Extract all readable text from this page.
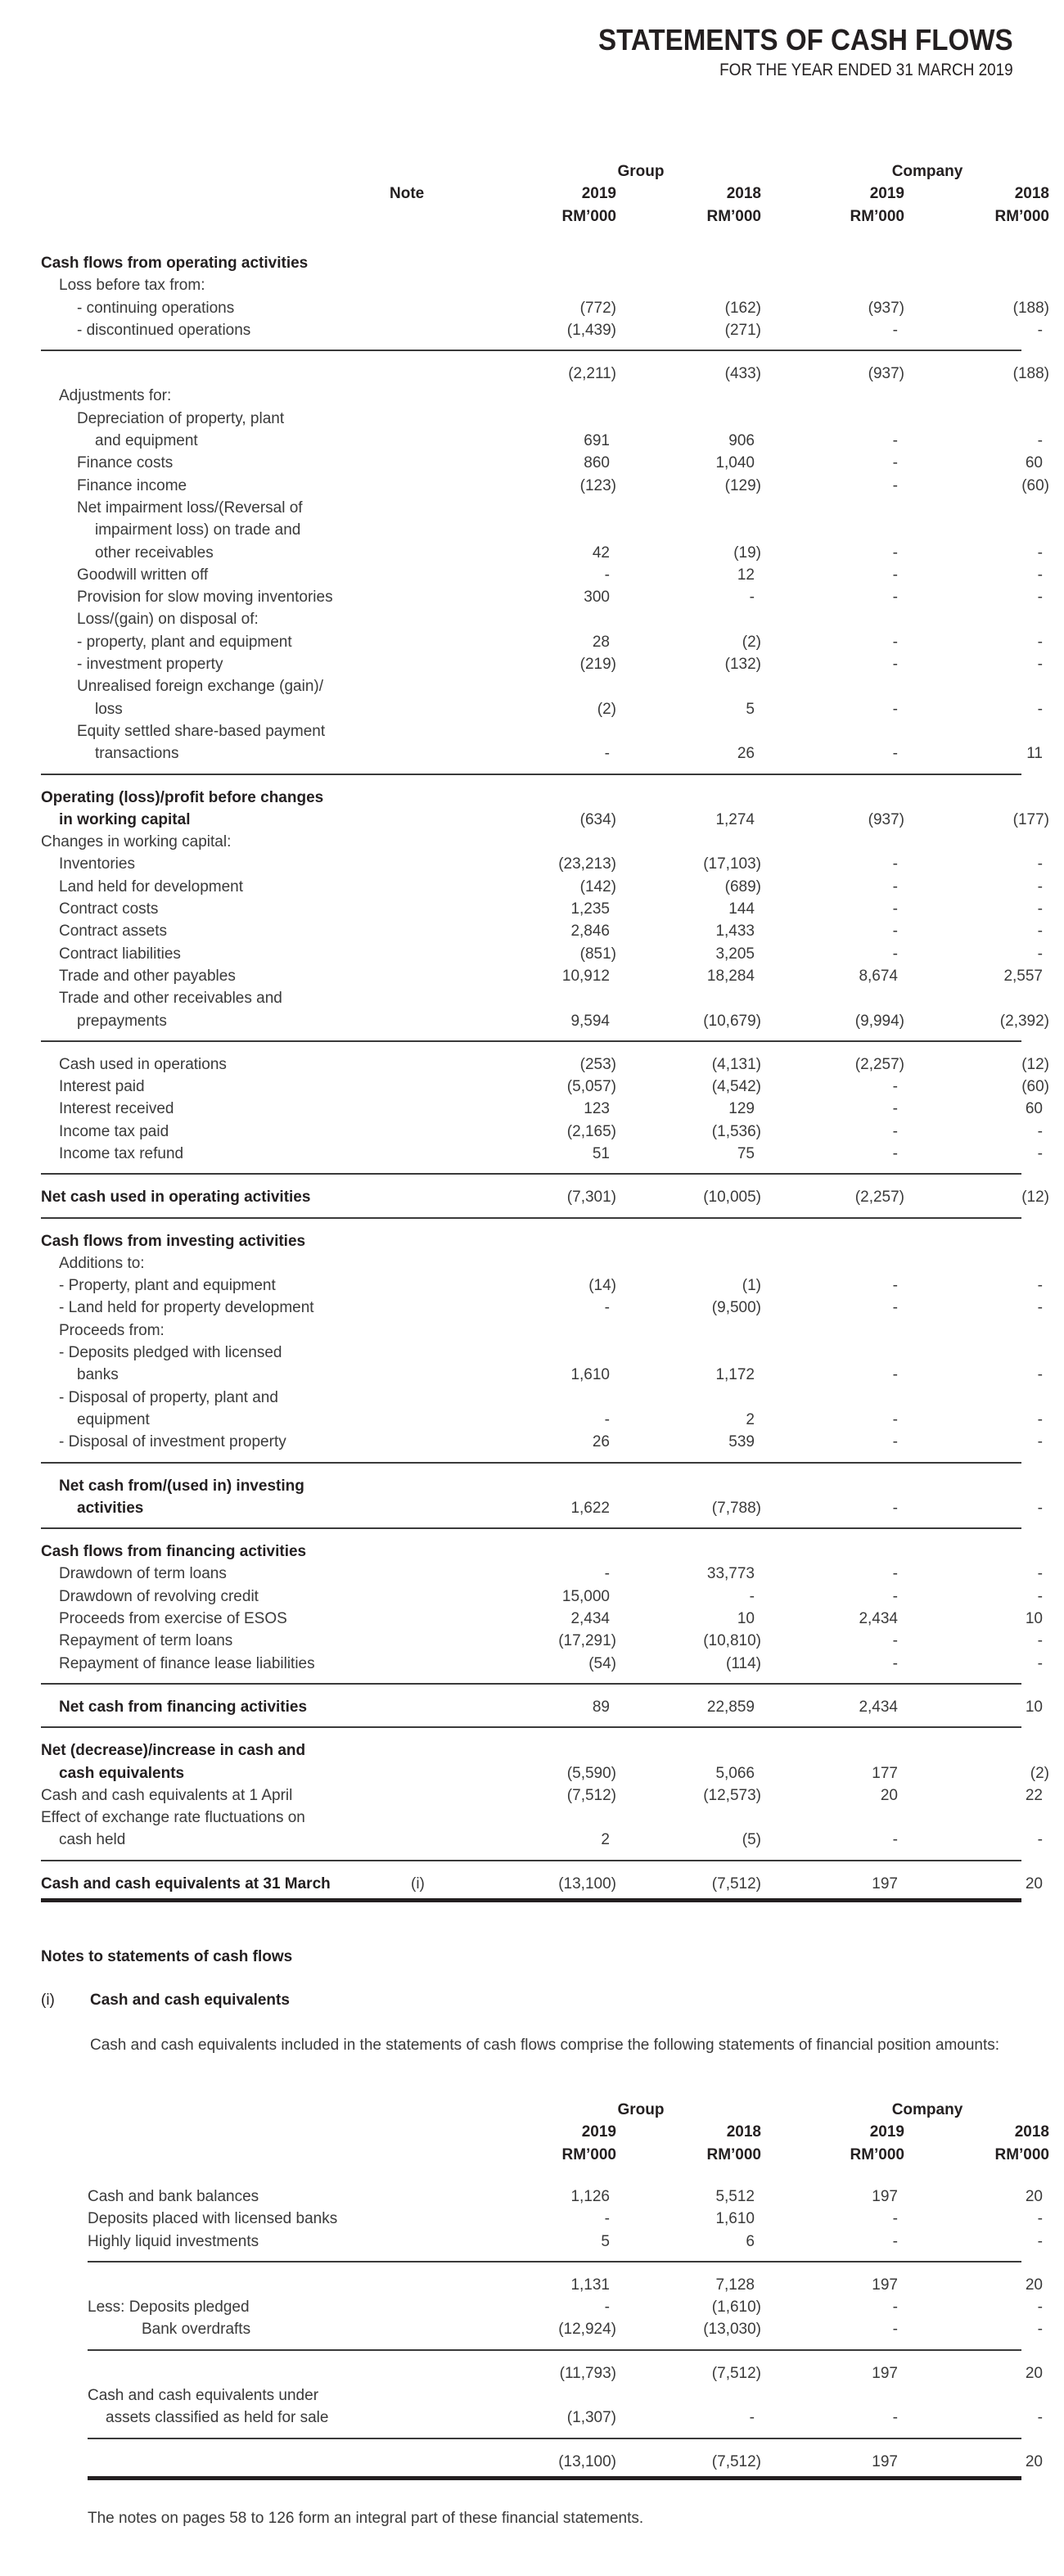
STATEMENTS OF CASH FLOWS
FOR THE YEAR ENDED 31 MARCH 2019
Group	Company
Note	2019	2018	2019	2018
RM’000	RM’000	RM’000	RM’000
Cash flows from operating activities
Loss before tax from:
- continuing operations	(772)	(162)	(937)	(188)
- discontinued operations	(1,439)	(271)	-	-
(2,211)	(433)	(937)	(188)
Adjustments for:
Depreciation of property, plant
and equipment	691	906	-	-
Finance costs	860	1,040	-	60
Finance income	(123)	(129)	-	(60)
Net impairment loss/(Reversal of
impairment loss) on trade and
other receivables	42	(19)	-	-
Goodwill written off	-	12	-	-
Provision for slow moving inventories	300	-	-	-
Loss/(gain) on disposal of:
- property, plant and equipment	28	(2)	-	-
- investment property	(219)	(132)	-	-
Unrealised foreign exchange (gain)/
loss	(2)	5	-	-
Equity settled share-based payment
transactions	-	26	-	11
Operating (loss)/profit before changes
in working capital	(634)	1,274	(937)	(177)
Changes in working capital:
Inventories	(23,213)	(17,103)	-	-
Land held for development	(142)	(689)	-	-
Contract costs	1,235	144	-	-
Contract assets	2,846	1,433	-	-
Contract liabilities	(851)	3,205	-	-
Trade and other payables	10,912	18,284	8,674	2,557
Trade and other receivables and
prepayments	9,594	(10,679)	(9,994)	(2,392)
Cash used in operations	(253)	(4,131)	(2,257)	(12)
Interest paid	(5,057)	(4,542)	-	(60)
Interest received	123	129	-	60
Income tax paid	(2,165)	(1,536)	-	-
Income tax refund	51	75	-	-
Net cash used in operating activities	(7,301)	(10,005)	(2,257)	(12)
Cash flows from investing activities
Additions to:
- Property, plant and equipment	(14)	(1)	-	-
- Land held for property development	-	(9,500)	-	-
Proceeds from:
- Deposits pledged with licensed
banks	1,610	1,172	-	-
- Disposal of property, plant and
equipment	-	2	-	-
- Disposal of investment property	26	539	-	-
Net cash from/(used in) investing
activities	1,622	(7,788)	-	-
Cash flows from financing activities
Drawdown of term loans	-	33,773	-	-
Drawdown of revolving credit	15,000	-	-	-
Proceeds from exercise of ESOS	2,434	10	2,434	10
Repayment of term loans	(17,291)	(10,810)	-	-
Repayment of finance lease liabilities	(54)	(114)	-	-
Net cash from financing activities	89	22,859	2,434	10
Net (decrease)/increase in cash and
cash equivalents	(5,590)	5,066	177	(2)
Cash and cash equivalents at 1 April	(7,512)	(12,573)	20	22
Effect of exchange rate fluctuations on
cash held	2	(5)	-	-
Cash and cash equivalents at 31 March	(i)	(13,100)	(7,512)	197	20
Notes to statements of cash flows
(i) Cash and cash equivalents
Cash and cash equivalents included in the statements of cash flows comprise the following statements of financial position amounts:
Group	Company
2019	2018	2019	2018
RM’000	RM’000	RM’000	RM’000
Cash and bank balances	1,126	5,512	197	20
Deposits placed with licensed banks	-	1,610	-	-
Highly liquid investments	5	6	-	-
1,131	7,128	197	20
Less: Deposits pledged	-	(1,610)	-	-
Bank overdrafts	(12,924)	(13,030)	-	-
(11,793)	(7,512)	197	20
Cash and cash equivalents under
assets classified as held for sale	(1,307)	-	-	-
(13,100)	(7,512)	197	20
The notes on pages 58 to 126 form an integral part of these financial statements.
